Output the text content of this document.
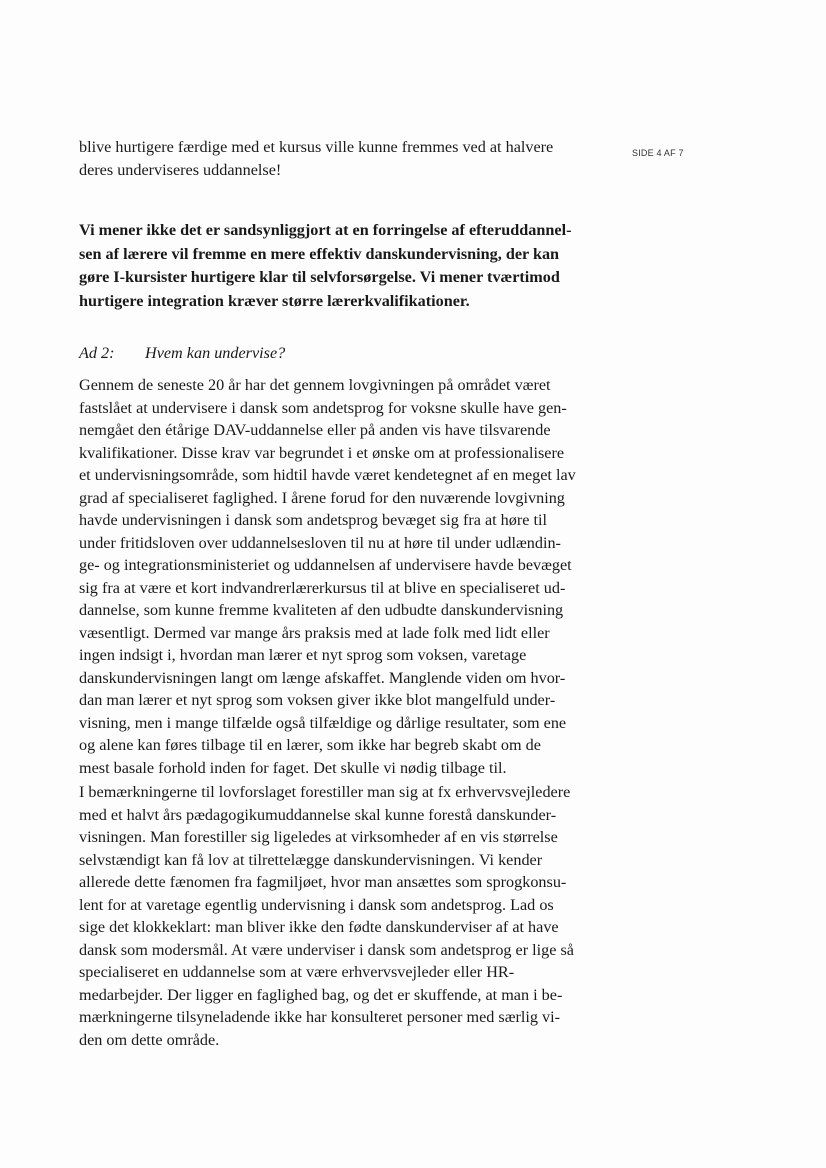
SIDE 4 AF 7

blive hurtigere færdige med et kursus ville kunne fremmes ved at halvere
deres underviseres uddannelse!

Vi mener ikke det er sandsynliggjort at en forringelse af efteruddannel-
sen af lærere vil fremme en mere effektiv danskundervisning, der kan
gøre I-kursister hurtigere klar til selvforsørgelse. Vi mener tværtimod
hurtigere integration kræver større lærerkvalifikationer.

Ad 2: Hvem kan undervise?

Gennem de seneste 20 år har det gennem lovgivningen på området været
fastslået at undervisere i dansk som andetsprog for voksne skulle have gen-
nemgået den étårige DAV-uddannelse eller på anden vis have tilsvarende
kvalifikationer. Disse krav var begrundet i et ønske om at professionalisere
et undervisningsområde, som hidtil havde været kendetegnet af en meget lav
grad af specialiseret faglighed. I årene forud for den nuværende lovgivning
havde undervisningen i dansk som andetsprog bevæget sig fra at høre til
under fritidsloven over uddannelsesloven til nu at høre til under udlændin-
ge- og integrationsministeriet og uddannelsen af undervisere havde bevæget
sig fra at være et kort indvandrerlærerkursus til at blive en specialiseret ud-
dannelse, som kunne fremme kvaliteten af den udbudte danskundervisning
væsentligt. Dermed var mange års praksis med at lade folk med lidt eller
ingen indsigt i, hvordan man lærer et nyt sprog som voksen, varetage
danskundervisningen langt om længe afskaffet. Manglende viden om hvor-
dan man lærer et nyt sprog som voksen giver ikke blot mangelfuld under-
visning, men i mange tilfælde også tilfældige og dårlige resultater, som ene
og alene kan føres tilbage til en lærer, som ikke har begreb skabt om de
mest basale forhold inden for faget. Det skulle vi nødig tilbage til.

I bemærkningerne til lovforslaget forestiller man sig at fx erhvervsvejledere
med et halvt års pædagogikumuddannelse skal kunne forestå danskunder-
visningen. Man forestiller sig ligeledes at virksomheder af en vis størrelse
selvstændigt kan få lov at tilrettelægge danskundervisningen. Vi kender
allerede dette fænomen fra fagmiljøet, hvor man ansættes som sprogkonsu-
lent for at varetage egentlig undervisning i dansk som andetsprog. Lad os
sige det klokkeklart: man bliver ikke den fødte danskunderviser af at have
dansk som modersmål. At være underviser i dansk som andetsprog er lige så
specialiseret en uddannelse som at være erhvervsvejleder eller HR-
medarbejder. Der ligger en faglighed bag, og det er skuffende, at man i be-
mærkningerne tilsyneladende ikke har konsulteret personer med særlig vi-
den om dette område.
